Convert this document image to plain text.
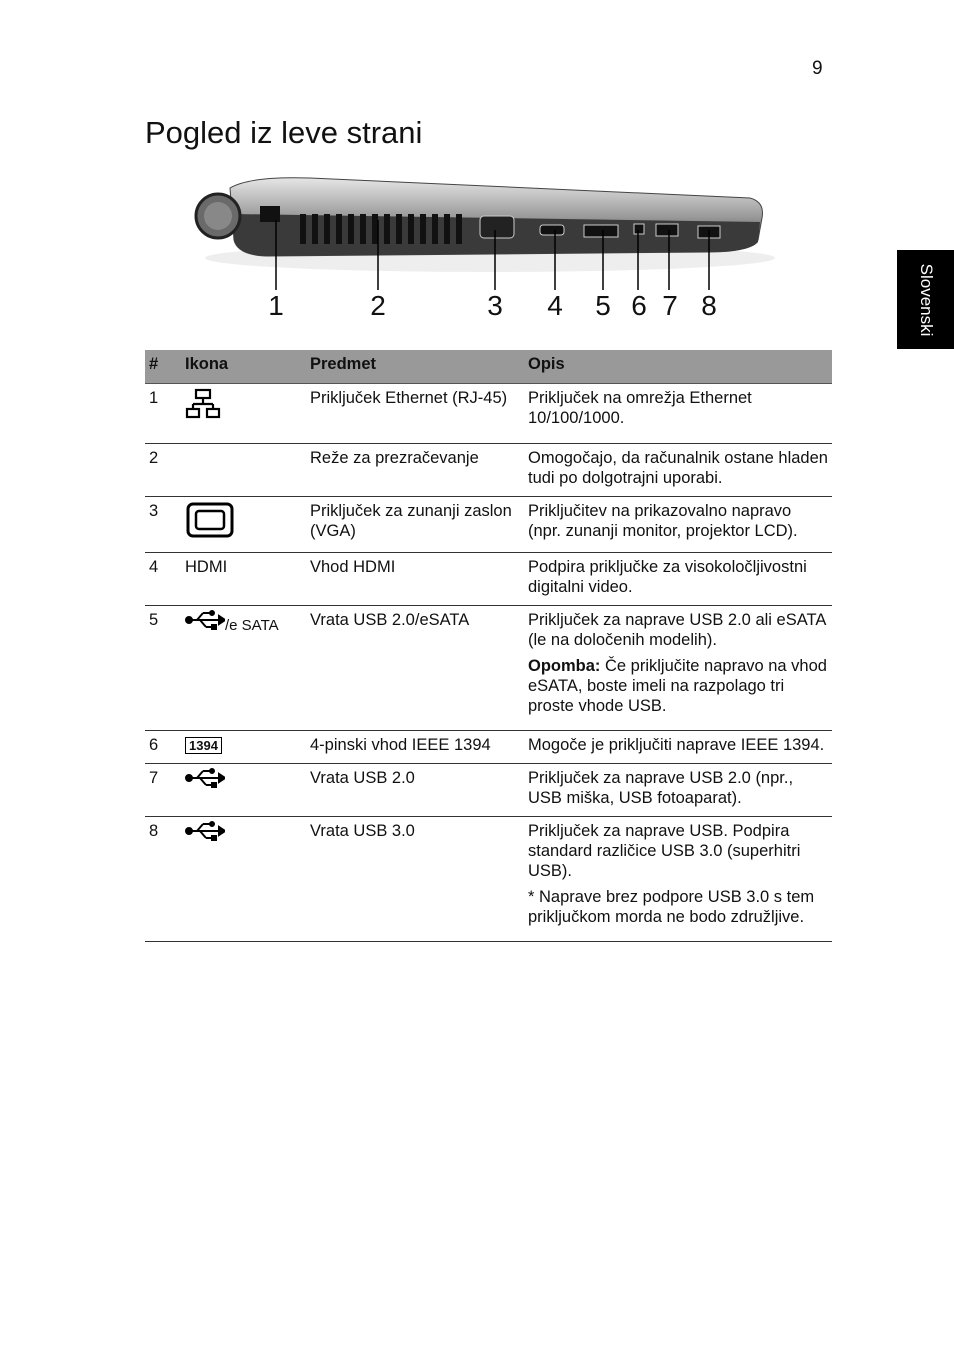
9
Pogled iz leve strani
Slovenski
1	2	3 4 5 6 7 8
#	Ikona	Predmet	Opis
1		Priključek Ethernet (RJ-45)	Priključek na omrežja Ethernet 10/100/1000.
2		Reže za prezračevanje	Omogočajo, da računalnik ostane hladen tudi po dolgotrajni uporabi.
3		Priključek za zunanji zaslon (VGA)	Priključitev na prikazovalno napravo (npr. zunanji monitor, projektor LCD).
4	HDMI	Vhod HDMI	Podpira priključke za visokoločljivostni digitalni video.
5	/e SATA	Vrata USB 2.0/eSATA	Priključek za naprave USB 2.0 ali eSATA (le na določenih modelih).

Opomba: Če priključite napravo na vhod eSATA, boste imeli na razpolago tri proste vhode USB.

6	1394	4-pinski vhod IEEE 1394	Mogoče je priključiti naprave IEEE 1394.
7		Vrata USB 2.0	Priključek za naprave USB 2.0 (npr., USB miška, USB fotoaparat).
8		Vrata USB 3.0	Priključek za naprave USB. Podpira standard različice USB 3.0 (superhitri USB).

* Naprave brez podpore USB 3.0 s tem priključkom morda ne bodo združljive.
